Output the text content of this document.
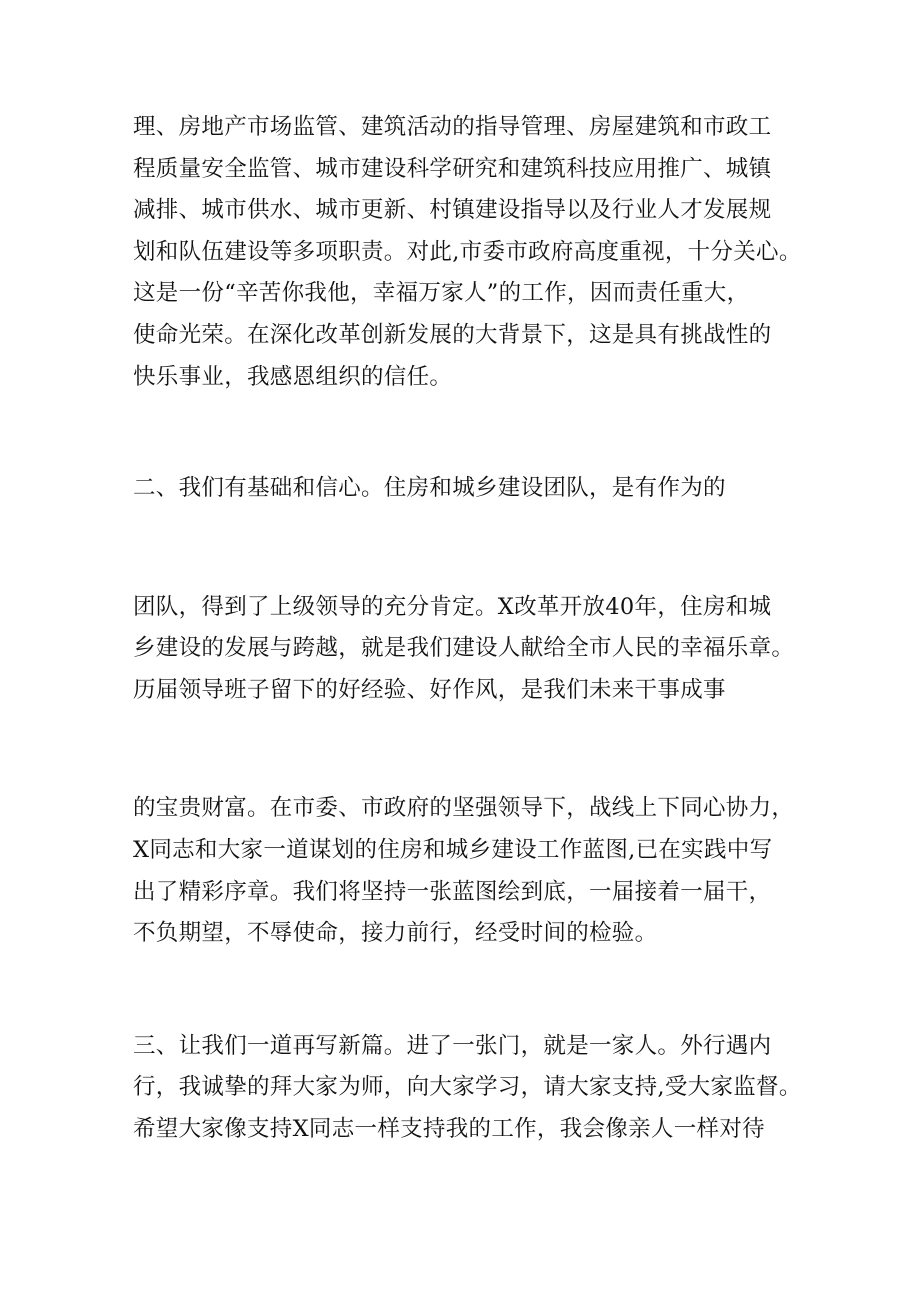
理、房地产市场监管、建筑活动的指导管理、房屋建筑和市政工

程质量安全监管、城市建设科学研究和建筑科技应用推广、城镇

减排、城市供水、城市更新、村镇建设指导以及行业人才发展规

划和队伍建设等多项职责。对此,市委市政府高度重视，十分关心。

这是一份“辛苦你我他，幸福万家人”的工作，因而责任重大，

使命光荣。在深化改革创新发展的大背景下，这是具有挑战性的

快乐事业，我感恩组织的信任。

二、我们有基础和信心。住房和城乡建设团队，是有作为的

团队，得到了上级领导的充分肯定。X改革开放40年，住房和城

乡建设的发展与跨越，就是我们建设人献给全市人民的幸福乐章。

历届领导班子留下的好经验、好作风，是我们未来干事成事

的宝贵财富。在市委、市政府的坚强领导下，战线上下同心协力，

X同志和大家一道谋划的住房和城乡建设工作蓝图,已在实践中写

出了精彩序章。我们将坚持一张蓝图绘到底，一届接着一届干，

不负期望，不辱使命，接力前行，经受时间的检验。

三、让我们一道再写新篇。进了一张门，就是一家人。外行遇内

行，我诚挚的拜大家为师，向大家学习，请大家支持,受大家监督。

希望大家像支持X同志一样支持我的工作，我会像亲人一样对待
